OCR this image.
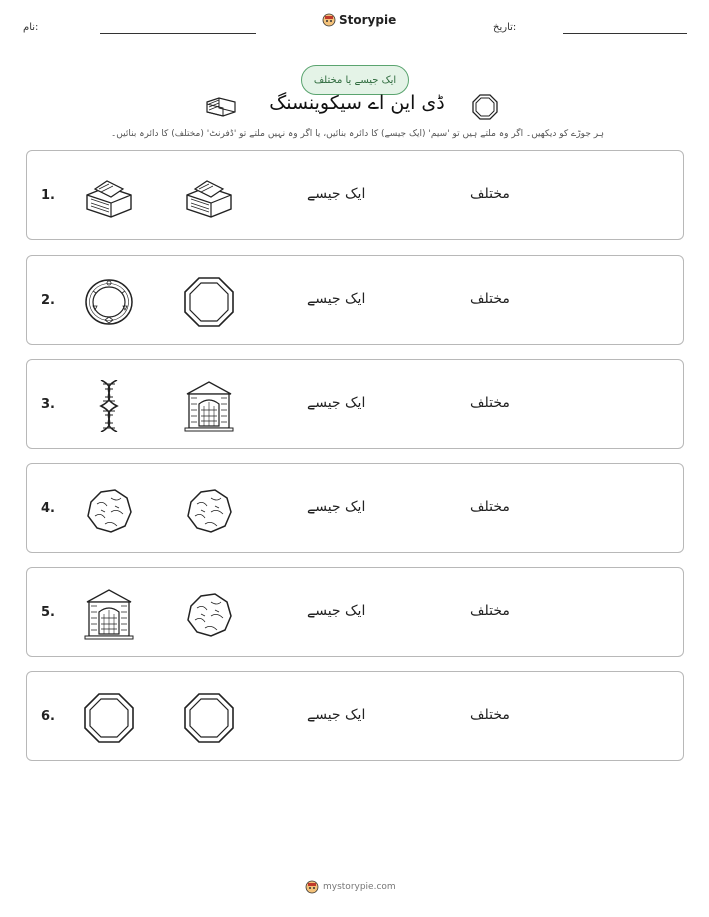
نام:
Storypie
تاریخ:
ایک جیسے یا مختلف
ڈی این اے سیکوینسنگ
ہر جوڑے کو دیکھیں۔ اگر وہ ملتے ہیں تو 'سیم' (ایک جیسے) کا دائرہ بنائیں، یا اگر وہ نہیں ملتے تو 'ڈفرنٹ' (مختلف) کا دائرہ بنائیں۔
1.	ایک جیسے	مختلف
2.	ایک جیسے	مختلف
3.	ایک جیسے	مختلف
4.	ایک جیسے	مختلف
5.	ایک جیسے	مختلف
6.	ایک جیسے	مختلف
mystorypie.com
